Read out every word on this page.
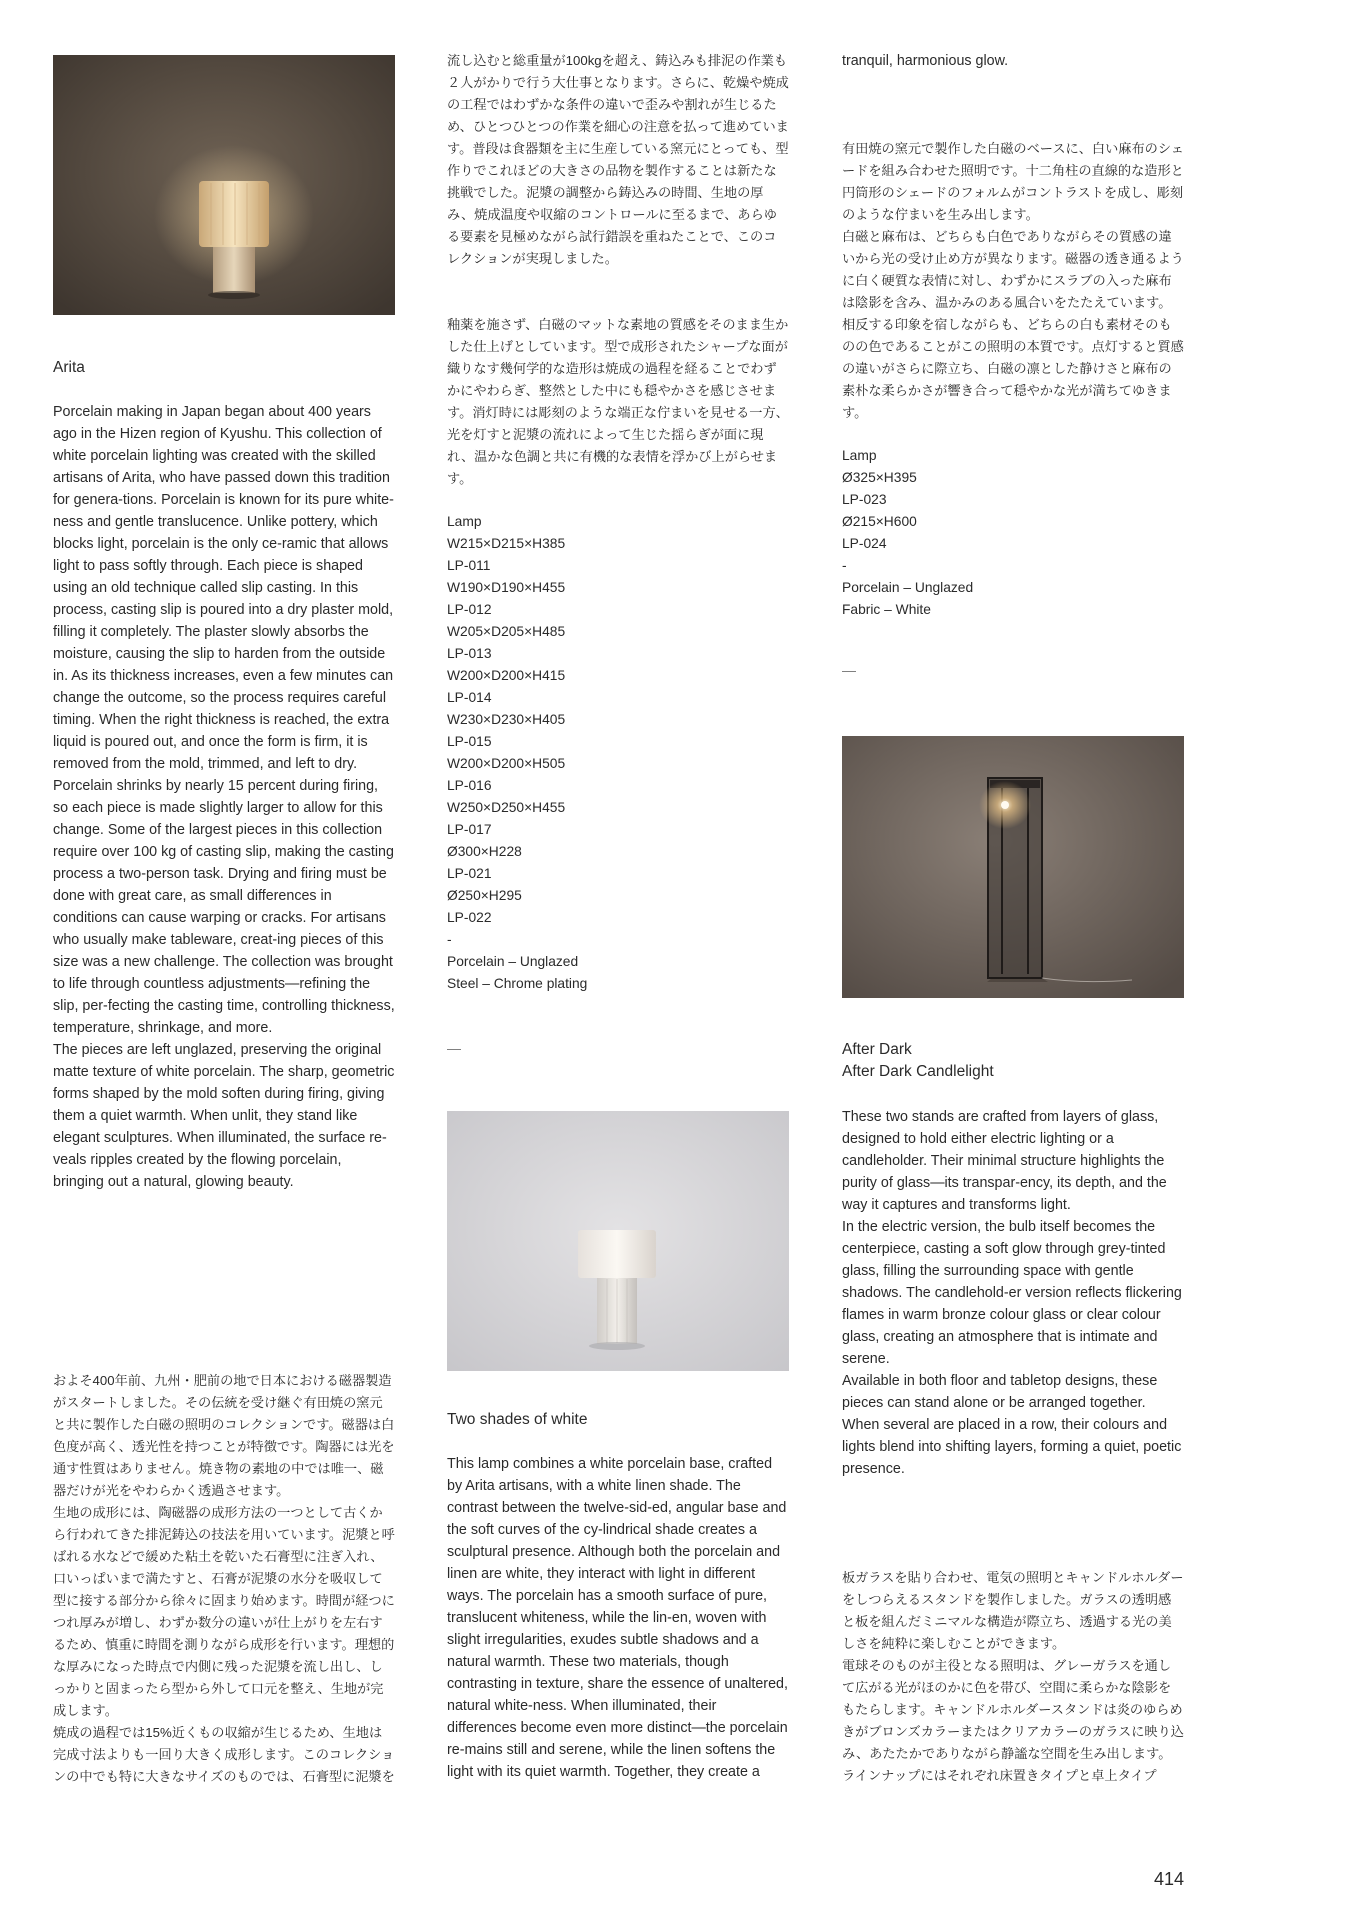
Arita

Porcelain making in Japan began about 400 years ago in the Hizen region of Kyushu. This collection of white porcelain lighting was created with the skilled artisans of Arita, who have passed down this tradition for genera-tions. Porcelain is known for its pure white-ness and gentle translucence. Unlike pottery, which blocks light, porcelain is the only ce-ramic that allows light to pass softly through. Each piece is shaped using an old technique called slip casting. In this process, casting slip is poured into a dry plaster mold, filling it completely. The plaster slowly absorbs the moisture, causing the slip to harden from the outside in. As its thickness increases, even a few minutes can change the outcome, so the process requires careful timing. When the right thickness is reached, the extra liquid is poured out, and once the form is firm, it is removed from the mold, trimmed, and left to dry.

Porcelain shrinks by nearly 15 percent during firing, so each piece is made slightly larger to allow for this change. Some of the largest pieces in this collection require over 100 kg of casting slip, making the casting process a two-person task. Drying and firing must be done with great care, as small differences in conditions can cause warping or cracks. For artisans who usually make tableware, creat-ing pieces of this size was a new challenge. The collection was brought to life through countless adjustments—refining the slip, per-fecting the casting time, controlling thickness, temperature, shrinkage, and more.

The pieces are left unglazed, preserving the original matte texture of white porcelain. The sharp, geometric forms shaped by the mold soften during firing, giving them a quiet warmth. When unlit, they stand like elegant sculptures. When illuminated, the surface re-veals ripples created by the flowing porcelain, bringing out a natural, glowing beauty.

およそ400年前、九州・肥前の地で日本における磁器製造がスタートしました。その伝統を受け継ぐ有田焼の窯元と共に製作した白磁の照明のコレクションです。磁器は白色度が高く、透光性を持つことが特徴です。陶器には光を通す性質はありません。焼き物の素地の中では唯一、磁器だけが光をやわらかく透過させます。

生地の成形には、陶磁器の成形方法の一つとして古くから行われてきた排泥鋳込の技法を用いています。泥漿と呼ばれる水などで緩めた粘土を乾いた石膏型に注ぎ入れ、口いっぱいまで満たすと、石膏が泥漿の水分を吸収して型に接する部分から徐々に固まり始めます。時間が経つにつれ厚みが増し、わずか数分の違いが仕上がりを左右するため、慎重に時間を測りながら成形を行います。理想的な厚みになった時点で内側に残った泥漿を流し出し、しっかりと固まったら型から外して口元を整え、生地が完成します。

焼成の過程では15%近くもの収縮が生じるため、生地は完成寸法よりも一回り大きく成形します。このコレクションの中でも特に大きなサイズのものでは、石膏型に泥漿を

流し込むと総重量が100kgを超え、鋳込みも排泥の作業も２人がかりで行う大仕事となります。さらに、乾燥や焼成の工程ではわずかな条件の違いで歪みや割れが生じるため、ひとつひとつの作業を細心の注意を払って進めています。普段は食器類を主に生産している窯元にとっても、型作りでこれほどの大きさの品物を製作することは新たな挑戦でした。泥漿の調整から鋳込みの時間、生地の厚み、焼成温度や収縮のコントロールに至るまで、あらゆる要素を見極めながら試行錯誤を重ねたことで、このコレクションが実現しました。

釉薬を施さず、白磁のマットな素地の質感をそのまま生かした仕上げとしています。型で成形されたシャープな面が織りなす幾何学的な造形は焼成の過程を経ることでわずかにやわらぎ、整然とした中にも穏やかさを感じさせます。消灯時には彫刻のような端正な佇まいを見せる一方、光を灯すと泥漿の流れによって生じた揺らぎが面に現れ、温かな色調と共に有機的な表情を浮かび上がらせます。

Lamp
W215×D215×H385
LP-011
W190×D190×H455
LP-012
W205×D205×H485
LP-013
W200×D200×H415
LP-014
W230×D230×H405
LP-015
W200×D200×H505
LP-016
W250×D250×H455
LP-017
Ø300×H228
LP-021
Ø250×H295
LP-022
-
Porcelain – Unglazed
Steel – Chrome plating
—
Two shades of white

This lamp combines a white porcelain base, crafted by Arita artisans, with a white linen shade. The contrast between the twelve-sid-ed, angular base and the soft curves of the cy-lindrical shade creates a sculptural presence. Although both the porcelain and linen are white, they interact with light in different ways. The porcelain has a smooth surface of pure, translucent whiteness, while the lin-en, woven with slight irregularities, exudes subtle shadows and a natural warmth. These two materials, though contrasting in texture, share the essence of unaltered, natural white-ness. When illuminated, their differences become even more distinct—the porcelain re-mains still and serene, while the linen softens the light with its quiet warmth. Together, they create a

tranquil, harmonious glow.

有田焼の窯元で製作した白磁のベースに、白い麻布のシェードを組み合わせた照明です。十二角柱の直線的な造形と円筒形のシェードのフォルムがコントラストを成し、彫刻のような佇まいを生み出します。

白磁と麻布は、どちらも白色でありながらその質感の違いから光の受け止め方が異なります。磁器の透き通るように白く硬質な表情に対し、わずかにスラブの入った麻布は陰影を含み、温かみのある風合いをたたえています。相反する印象を宿しながらも、どちらの白も素材そのものの色であることがこの照明の本質です。点灯すると質感の違いがさらに際立ち、白磁の凛とした静けさと麻布の素朴な柔らかさが響き合って穏やかな光が満ちてゆきます。

Lamp
Ø325×H395
LP-023
Ø215×H600
LP-024
-
Porcelain – Unglazed
Fabric – White
—
After Dark
After Dark Candlelight

These two stands are crafted from layers of glass, designed to hold either electric lighting or a candleholder. Their minimal structure highlights the purity of glass—its transpar-ency, its depth, and the way it captures and transforms light.

In the electric version, the bulb itself becomes the centerpiece, casting a soft glow through grey-tinted glass, filling the surrounding space with gentle shadows. The candlehold-er version reflects flickering flames in warm bronze colour glass or clear colour glass, creating an atmosphere that is intimate and serene.

Available in both floor and tabletop designs, these pieces can stand alone or be arranged together. When several are placed in a row, their colours and lights blend into shifting layers, forming a quiet, poetic presence.

板ガラスを貼り合わせ、電気の照明とキャンドルホルダーをしつらえるスタンドを製作しました。ガラスの透明感と板を組んだミニマルな構造が際立ち、透過する光の美しさを純粋に楽しむことができます。

電球そのものが主役となる照明は、グレーガラスを通して広がる光がほのかに色を帯び、空間に柔らかな陰影をもたらします。キャンドルホルダースタンドは炎のゆらめきがブロンズカラーまたはクリアカラーのガラスに映り込み、あたたかでありながら静謐な空間を生み出します。

ラインナップにはそれぞれ床置きタイプと卓上タイプ

414
